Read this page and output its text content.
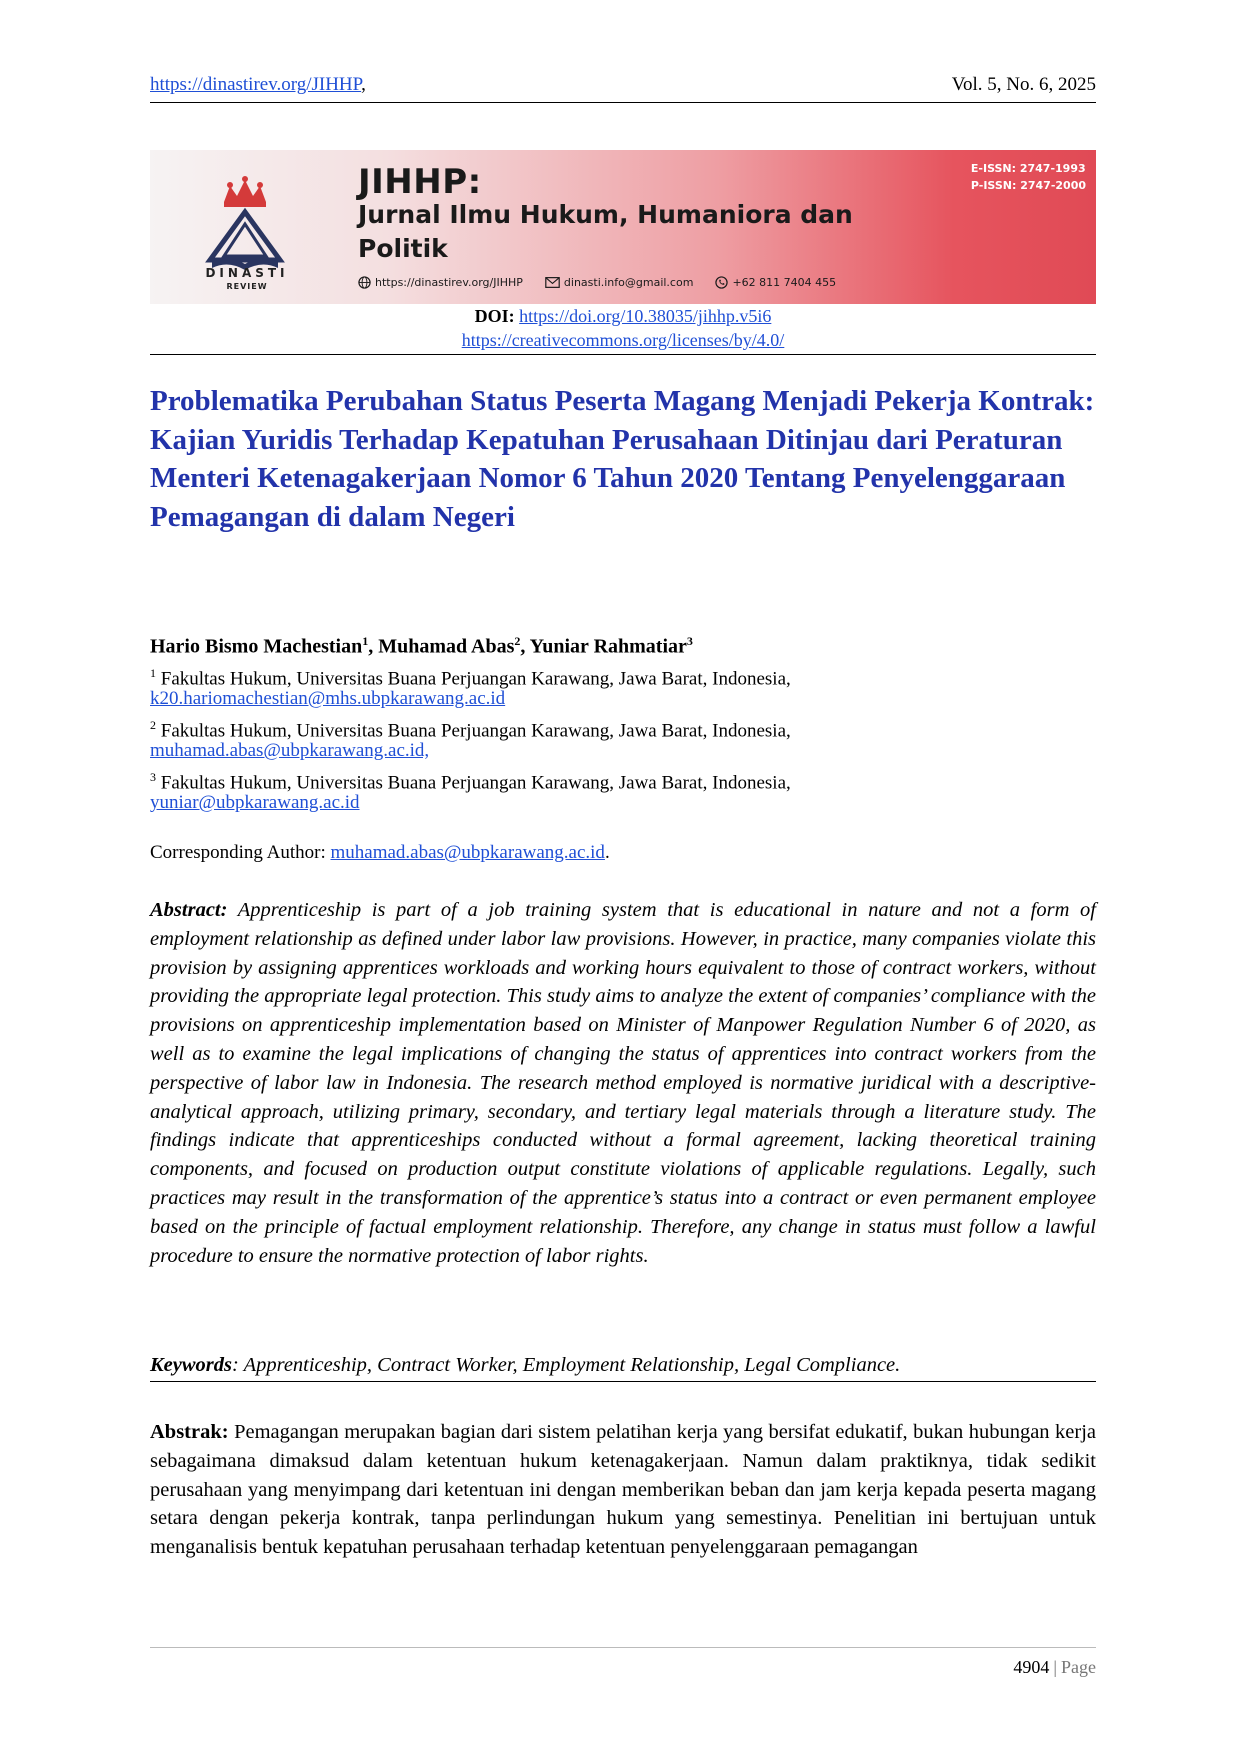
https://dinastirev.org/JIHHP,	Vol. 5, No. 6, 2025
DINASTI
REVIEW
JIHHP:
Jurnal Ilmu Hukum, Humaniora dan
Politik
https://dinastirev.org/JIHHP	dinasti.info@gmail.com	+62 811 7404 455
E-ISSN: 2747-1993
P-ISSN: 2747-2000
DOI: https://doi.org/10.38035/jihhp.v5i6
https://creativecommons.org/licenses/by/4.0/
Problematika Perubahan Status Peserta Magang Menjadi Pekerja Kontrak: Kajian Yuridis Terhadap Kepatuhan Perusahaan Ditinjau dari Peraturan Menteri Ketenagakerjaan Nomor 6 Tahun 2020 Tentang Penyelenggaraan Pemagangan di dalam Negeri
Hario Bismo Machestian$^1$, Muhamad Abas$^2$, Yuniar Rahmatiar$^3$
$^1$ Fakultas Hukum, Universitas Buana Perjuangan Karawang, Jawa Barat, Indonesia,
k20.hariomachestian@mhs.ubpkarawang.ac.id
$^2$ Fakultas Hukum, Universitas Buana Perjuangan Karawang, Jawa Barat, Indonesia,
muhamad.abas@ubpkarawang.ac.id,
$^3$ Fakultas Hukum, Universitas Buana Perjuangan Karawang, Jawa Barat, Indonesia,
yuniar@ubpkarawang.ac.id
Corresponding Author: muhamad.abas@ubpkarawang.ac.id.
Abstract: Apprenticeship is part of a job training system that is educational in nature and not a form of employment relationship as defined under labor law provisions. However, in practice, many companies violate this provision by assigning apprentices workloads and working hours equivalent to those of contract workers, without providing the appropriate legal protection. This study aims to analyze the extent of companies’ compliance with the provisions on apprenticeship implementation based on Minister of Manpower Regulation Number 6 of 2020, as well as to examine the legal implications of changing the status of apprentices into contract workers from the perspective of labor law in Indonesia. The research method employed is normative juridical with a descriptive-analytical approach, utilizing primary, secondary, and tertiary legal materials through a literature study. The findings indicate that apprenticeships conducted without a formal agreement, lacking theoretical training components, and focused on production output constitute violations of applicable regulations. Legally, such practices may result in the transformation of the apprentice’s status into a contract or even permanent employee based on the principle of factual employment relationship. Therefore, any change in status must follow a lawful procedure to ensure the normative protection of labor rights.
Keywords: Apprenticeship, Contract Worker, Employment Relationship, Legal Compliance.
Abstrak: Pemagangan merupakan bagian dari sistem pelatihan kerja yang bersifat edukatif, bukan hubungan kerja sebagaimana dimaksud dalam ketentuan hukum ketenagakerjaan. Namun dalam praktiknya, tidak sedikit perusahaan yang menyimpang dari ketentuan ini dengan memberikan beban dan jam kerja kepada peserta magang setara dengan pekerja kontrak, tanpa perlindungan hukum yang semestinya. Penelitian ini bertujuan untuk menganalisis bentuk kepatuhan perusahaan terhadap ketentuan penyelenggaraan pemagangan
4904 | Page
